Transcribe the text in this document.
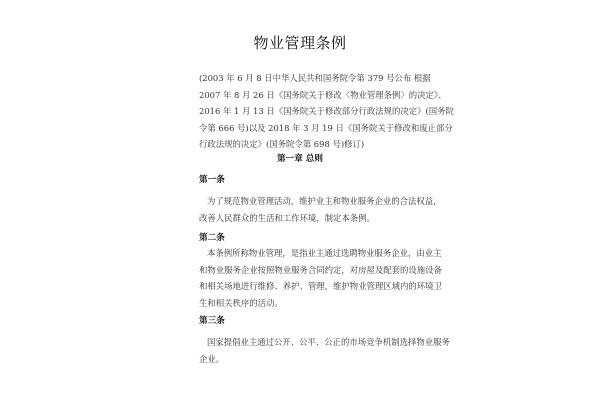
物业管理条例
(2003 年 6 月 8 日中华人民共和国务院令第 379 号公布 根据
2007 年 8 月 26 日《国务院关于修改〈物业管理条例〉的决定》、
2016 年 1 月 13 日《国务院关于修改部分行政法规的决定》(国务院
令第 666 号)以及 2018 年 3 月 19 日《国务院关于修改和废止部分
行政法规的决定》(国务院令第 698 号)修订)
第一章 总则
第一条
为了规范物业管理活动，维护业主和物业服务企业的合法权益，
改善人民群众的生活和工作环境，制定本条例。
第二条
本条例所称物业管理，是指业主通过选聘物业服务企业，由业主
和物业服务企业按照物业服务合同约定，对房屋及配套的设施设备
和相关场地进行维修、养护、管理，维护物业管理区域内的环境卫
生和相关秩序的活动。
第三条
国家提倡业主通过公开、公平、公正的市场竞争机制选择物业服务
企业。
